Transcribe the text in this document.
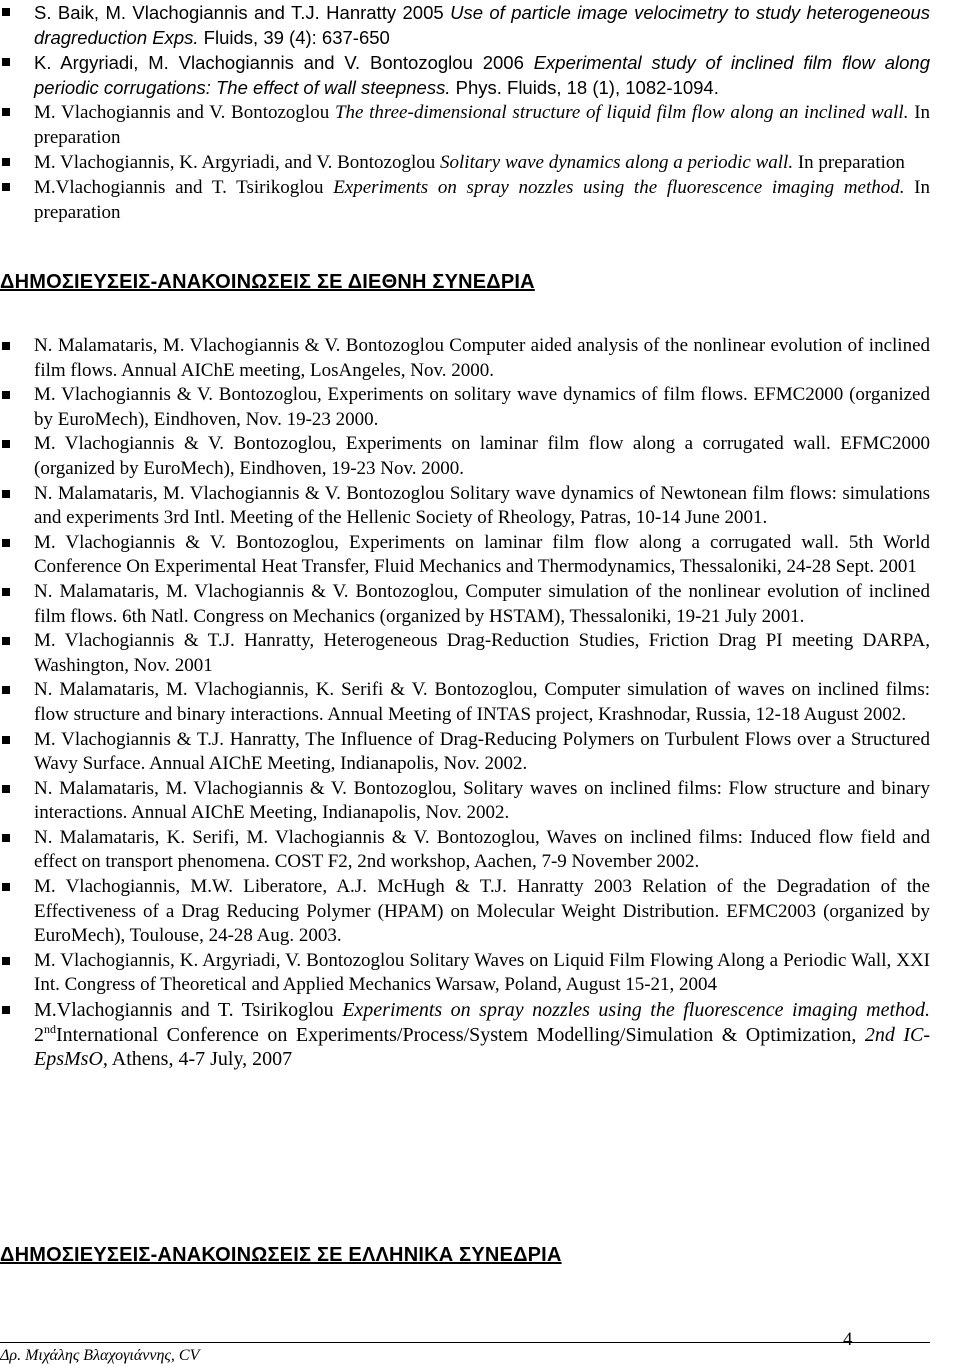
S. Baik, M. Vlachogiannis and T.J. Hanratty 2005 Use of particle image velocimetry to study heterogeneous dragreduction Exps. Fluids, 39 (4): 637-650
K. Argyriadi, M. Vlachogiannis and V. Bontozoglou 2006 Experimental study of inclined film flow along periodic corrugations: The effect of wall steepness. Phys. Fluids, 18 (1), 1082-1094.
M. Vlachogiannis and V. Bontozoglou The three-dimensional structure of liquid film flow along an inclined wall. In preparation
M. Vlachogiannis, K. Argyriadi, and V. Bontozoglou Solitary wave dynamics along a periodic wall. In preparation
M.Vlachogiannis and T. Tsirikoglou Experiments on spray nozzles using the fluorescence imaging method. In preparation
ΔΗΜΟΣΙΕΥΣΕΙΣ-ΑΝΑΚΟΙΝΩΣΕΙΣ ΣΕ ΔΙΕΘΝΗ ΣΥΝΕΔΡΙΑ
N. Malamataris, M. Vlachogiannis & V. Bontozoglou Computer aided analysis of the nonlinear evolution of inclined film flows. Annual AIChE meeting, LosAngeles, Nov. 2000.
M. Vlachogiannis & V. Bontozoglou, Experiments on solitary wave dynamics of film flows. EFMC2000 (organized by EuroMech), Eindhoven, Nov. 19-23 2000.
M. Vlachogiannis & V. Bontozoglou, Experiments on laminar film flow along a corrugated wall. EFMC2000 (organized by EuroMech), Eindhoven, 19-23 Nov. 2000.
N. Malamataris, M. Vlachogiannis & V. Bontozoglou Solitary wave dynamics of Newtonean film flows: simulations and experiments 3rd Intl. Meeting of the Hellenic Society of Rheology, Patras, 10-14 June 2001.
M. Vlachogiannis & V. Bontozoglou, Experiments on laminar film flow along a corrugated wall. 5th World Conference On Experimental Heat Transfer, Fluid Mechanics and Thermodynamics, Thessaloniki, 24-28 Sept. 2001
N. Malamataris, M. Vlachogiannis & V. Bontozoglou, Computer simulation of the nonlinear evolution of inclined film flows. 6th Natl. Congress on Mechanics (organized by HSTAM), Thessaloniki, 19-21 July 2001.
M. Vlachogiannis & T.J. Hanratty, Heterogeneous Drag-Reduction Studies, Friction Drag PI meeting DARPA, Washington, Nov. 2001
N. Malamataris, M. Vlachogiannis, K. Serifi & V. Bontozoglou, Computer simulation of waves on inclined films: flow structure and binary interactions. Annual Meeting of INTAS project, Krashnodar, Russia, 12-18 August 2002.
M. Vlachogiannis & T.J. Hanratty, The Influence of Drag-Reducing Polymers on Turbulent Flows over a Structured Wavy Surface. Annual AIChE Meeting, Indianapolis, Nov. 2002.
N. Malamataris, M. Vlachogiannis & V. Bontozoglou, Solitary waves on inclined films: Flow structure and binary interactions. Annual AIChE Meeting, Indianapolis, Nov. 2002.
N. Malamataris, K. Serifi, M. Vlachogiannis & V. Bontozoglou, Waves on inclined films: Induced flow field and effect on transport phenomena. COST F2, 2nd workshop, Aachen, 7-9 November 2002.
M. Vlachogiannis, M.W. Liberatore, A.J. McHugh & T.J. Hanratty 2003 Relation of the Degradation of the Effectiveness of a Drag Reducing Polymer (HPAM) on Molecular Weight Distribution. EFMC2003 (organized by EuroMech), Toulouse, 24-28 Aug. 2003.
M. Vlachogiannis, K. Argyriadi, V. Bontozoglou Solitary Waves on Liquid Film Flowing Along a Periodic Wall, XXI Int. Congress of Theoretical and Applied Mechanics Warsaw, Poland, August 15-21, 2004
M.Vlachogiannis and T. Tsirikoglou Experiments on spray nozzles using the fluorescence imaging method. 2ndInternational Conference on Experiments/Process/System Modelling/Simulation & Optimization, 2nd IC-EpsMsO, Athens, 4-7 July, 2007
ΔΗΜΟΣΙΕΥΣΕΙΣ-ΑΝΑΚΟΙΝΩΣΕΙΣ ΣΕ ΕΛΛΗΝΙΚΑ ΣΥΝΕΔΡΙΑ
4
Δρ. Μιχάλης Βλαχογιάννης, CV
